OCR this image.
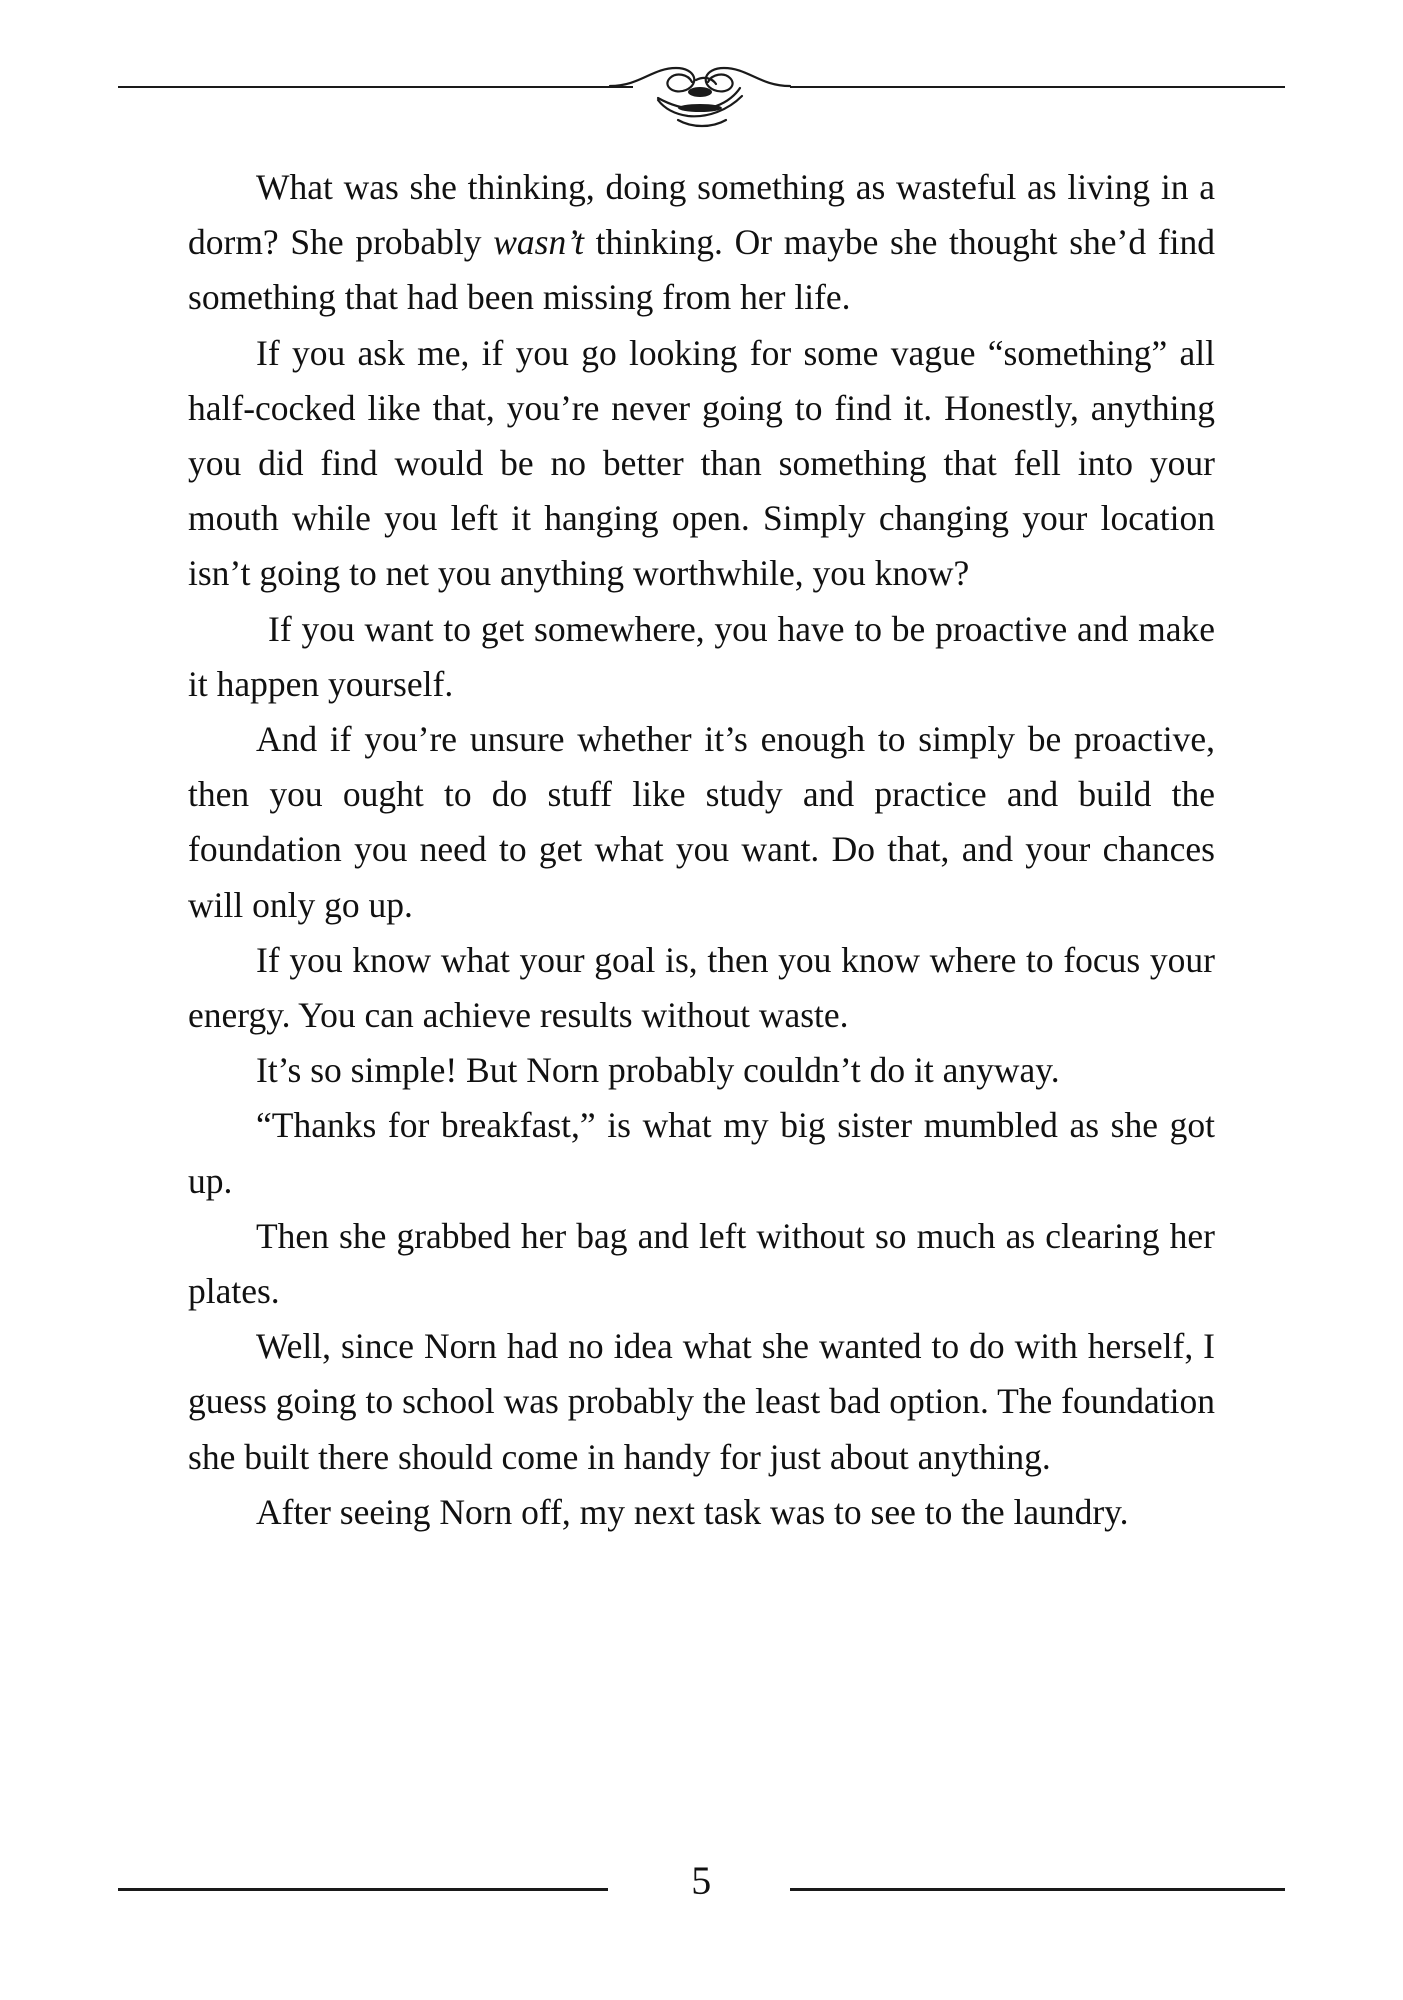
What was she thinking, doing something as wasteful as living in a dorm? She probably wasn’t thinking. Or maybe she thought she’d find something that had been missing from her life.

If you ask me, if you go looking for some vague “something” all half-cocked like that, you’re never going to find it. Honestly, anything you did find would be no better than something that fell into your mouth while you left it hanging open. Simply changing your location isn’t going to net you anything worthwhile, you know?

If you want to get somewhere, you have to be proactive and make it happen yourself.

And if you’re unsure whether it’s enough to simply be proactive, then you ought to do stuff like study and practice and build the foundation you need to get what you want. Do that, and your chances will only go up.

If you know what your goal is, then you know where to focus your energy. You can achieve results without waste.

It’s so simple! But Norn probably couldn’t do it anyway.

“Thanks for breakfast,” is what my big sister mumbled as she got up.

Then she grabbed her bag and left without so much as clearing her plates.

Well, since Norn had no idea what she wanted to do with herself, I guess going to school was probably the least bad option. The foundation she built there should come in handy for just about anything.

After seeing Norn off, my next task was to see to the laundry.

5
